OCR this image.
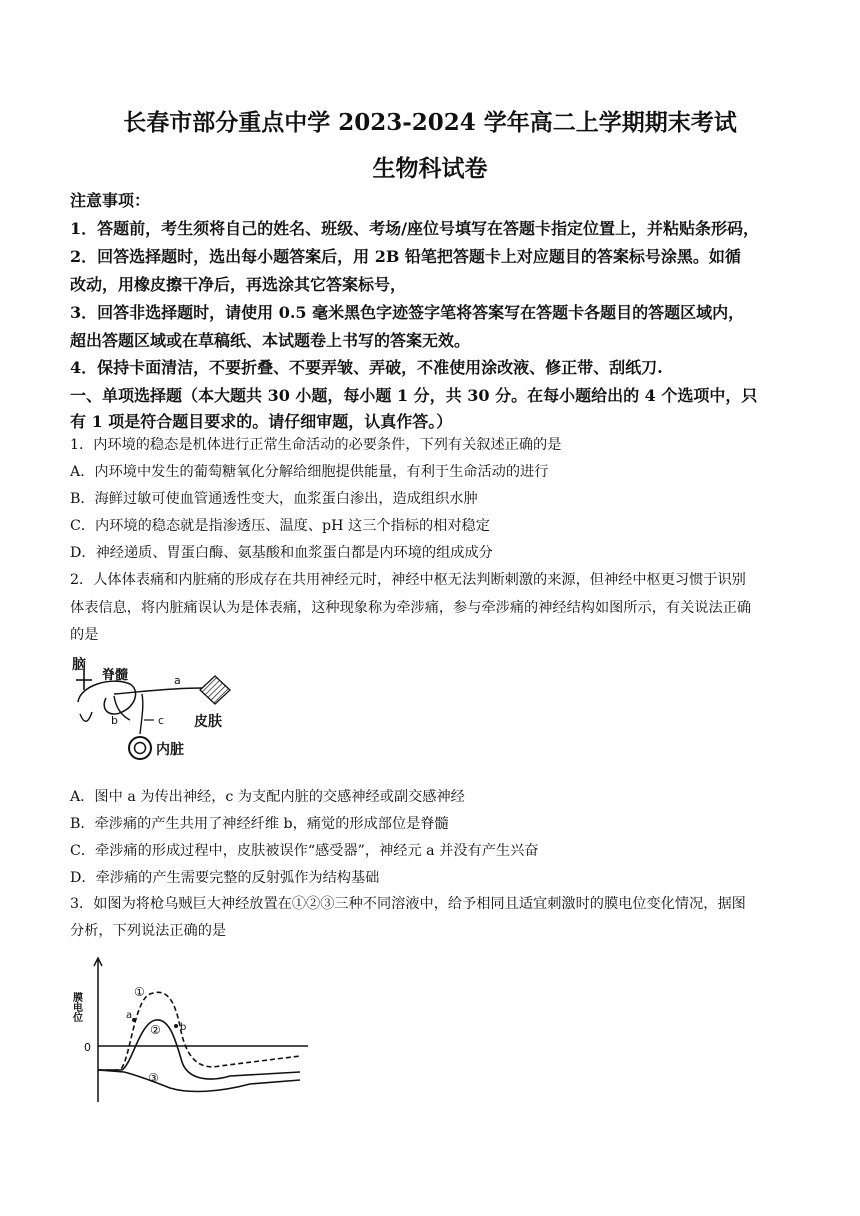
长春市部分重点中学 2023-2024 学年高二上学期期末考试
生物科试卷
注意事项：
1．答题前，考生须将自己的姓名、班级、考场/座位号填写在答题卡指定位置上，并粘贴条形码，
2．回答选择题时，选出每小题答案后，用 2B 铅笔把答题卡上对应题目的答案标号涂黑。如循
改动，用橡皮擦干净后，再选涂其它答案标号，
3．回答非选择题时，请使用 0.5 毫米黑色字迹签字笔将答案写在答题卡各题目的答题区域内，
超出答题区域或在草稿纸、本试题卷上书写的答案无效。
4．保持卡面清洁，不要折叠、不要弄皱、弄破，不准使用涂改液、修正带、刮纸刀.
一、单项选择题（本大题共 30 小题，每小题 1 分，共 30 分。在每小题给出的 4 个选项中，只
有 1 项是符合题目要求的。请仔细审题，认真作答。）
1．内环境的稳态是机体进行正常生命活动的必要条件，下列有关叙述正确的是
A．内环境中发生的葡萄糖氧化分解给细胞提供能量，有利于生命活动的进行
B．海鲜过敏可使血管通透性变大，血浆蛋白渗出，造成组织水肿
C．内环境的稳态就是指渗透压、温度、pH 这三个指标的相对稳定
D．神经递质、胃蛋白酶、氨基酸和血浆蛋白都是内环境的组成成分
2．人体体表痛和内脏痛的形成存在共用神经元时，神经中枢无法判断刺激的来源，但神经中枢更习惯于识别
体表信息，将内脏痛误认为是体表痛，这种现象称为牵涉痛，参与牵涉痛的神经结构如图所示，有关说法正确
的是
脑
脊髓	a
皮肤
b	c
内脏
A．图中 a 为传出神经，c 为支配内脏的交感神经或副交感神经
B．牵涉痛的产生共用了神经纤维 b，痛觉的形成部位是脊髓
C．牵涉痛的形成过程中，皮肤被误作“感受器”，神经元 a 并没有产生兴奋
D．牵涉痛的产生需要完整的反射弧作为结构基础
3．如图为将枪乌贼巨大神经放置在①②③三种不同溶液中，给予相同且适宜刺激时的膜电位变化情况，据图
分析，下列说法正确的是
膜电位
0
①
②
③
a
b
